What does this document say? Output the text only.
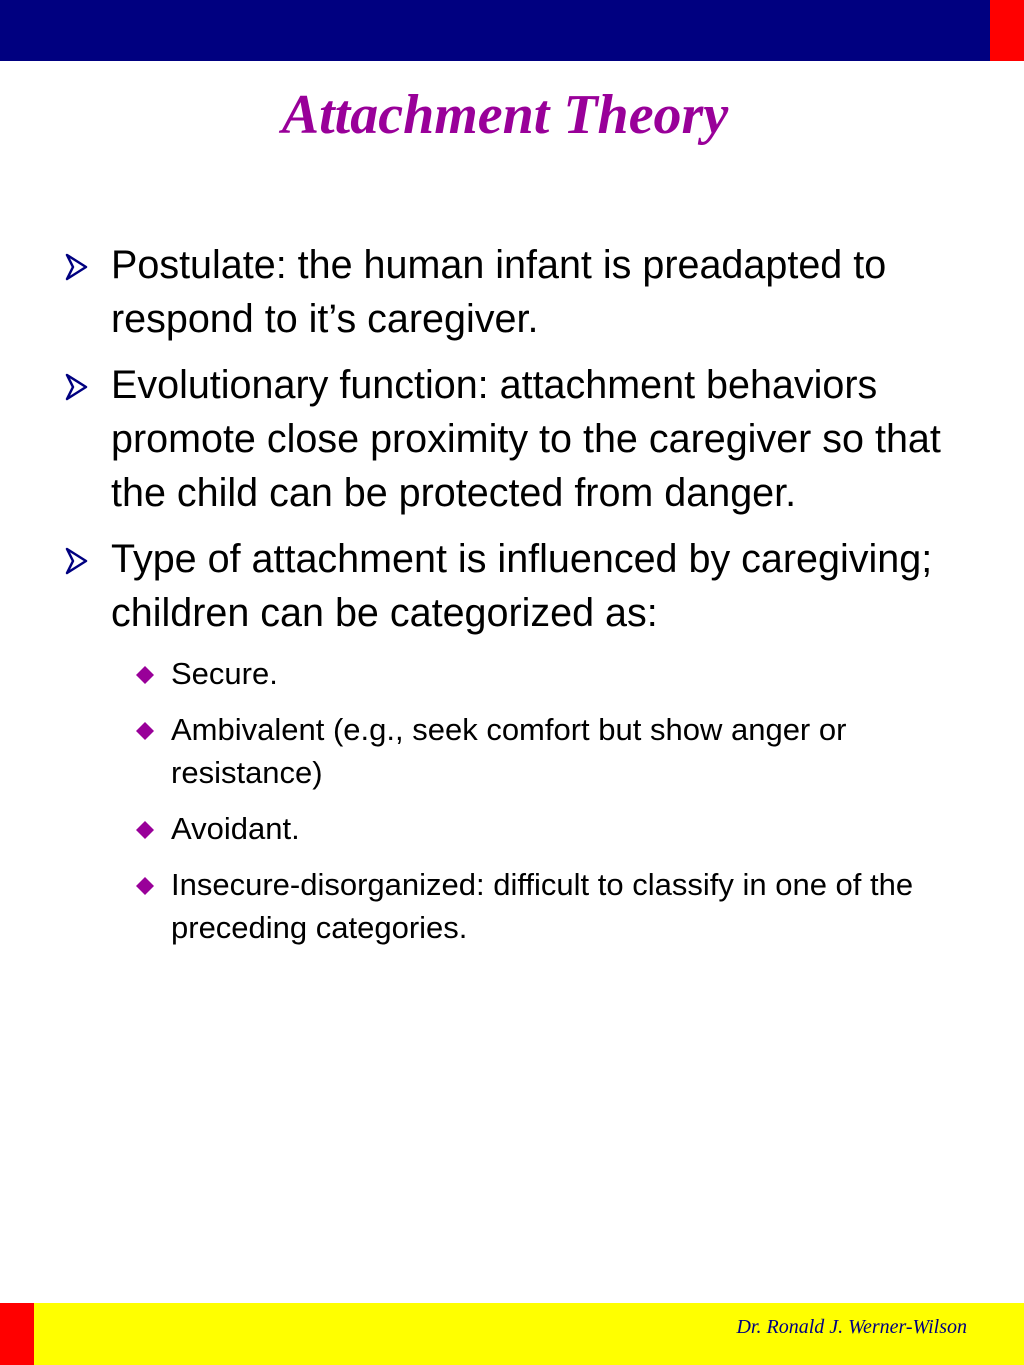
Attachment Theory
Postulate: the human infant is preadapted to respond to it’s caregiver.
Evolutionary function: attachment behaviors promote close proximity to the caregiver so that the child can be protected from danger.
Type of attachment is influenced by caregiving; children can be categorized as:
Secure.
Ambivalent (e.g., seek comfort but show anger or resistance)
Avoidant.
Insecure-disorganized: difficult to classify in one of the preceding categories.
Dr. Ronald J. Werner-Wilson
